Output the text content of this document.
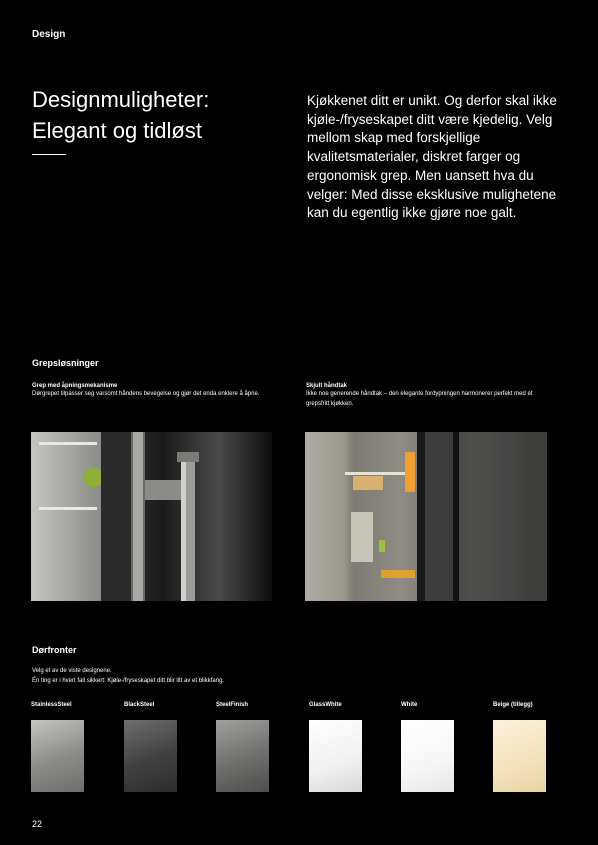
Design
Designmuligheter:
Elegant og tidløst

Kjøkkenet ditt er unikt. Og derfor skal ikke kjøle-/fryseskapet ditt være kjedelig. Velg mellom skap med forskjellige kvalitetsmaterialer, diskret farger og ergonomisk grep. Men uansett hva du velger: Med disse eksklusive mulighetene kan du egentlig ikke gjøre noe galt.

Grepsløsninger
Grep med åpningsmekanisme
Dørgrepet tilpasser seg varsomt håndens bevegelse og gjør det enda enklere å åpne.
Skjult håndtak
Ikke noe generende håndtak – den elegante fordypningen harmonerer perfekt med et grepsfritt kjøkken.
Dørfronter
Velg et av de viste designene.
Én ting er i hvert fall sikkert: Kjøle-/fryseskapet ditt blir litt av et blikkfang.
StainlessSteel	BlackSteel	SteelFinish	GlassWhite	White	Beige (tillegg)
22
